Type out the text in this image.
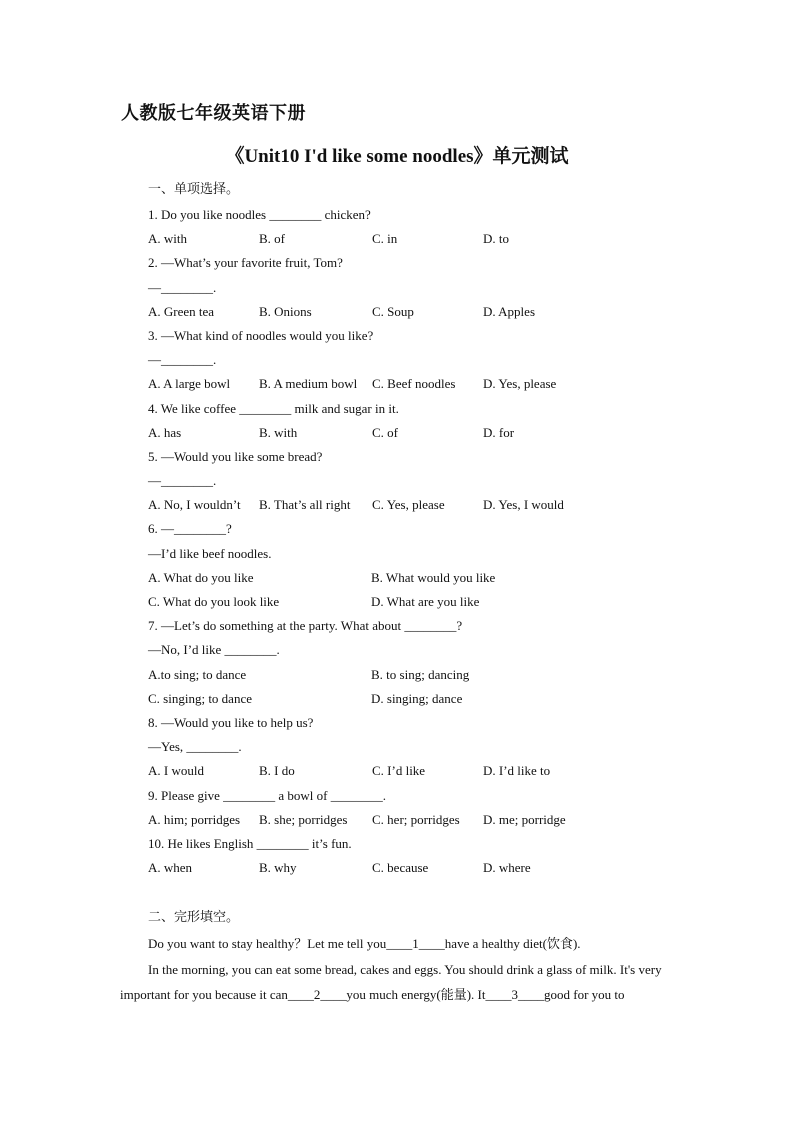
人教版七年级英语下册
《Unit10 I'd like some noodles》单元测试
一、单项选择。
1. Do you like noodles ________ chicken?
A. with	B. of	C. in	D. to
2. —What’s your favorite fruit, Tom?
—________.
A. Green tea	B. Onions	C. Soup	D. Apples
3. —What kind of noodles would you like?
—________.
A. A large bowl B. A medium bowl C. Beef noodles D. Yes, please
4. We like coffee ________ milk and sugar in it.
A. has	B. with	C. of	D. for
5. —Would you like some bread?
—________.
A. No, I wouldn’t B. That’s all right C. Yes, please	D. Yes, I would
6. —________?
—I’d like beef noodles.
A. What do you like	B. What would you like
C. What do you look like	D. What are you like
7. —Let’s do something at the party. What about ________?
—No, I’d like ________.
A.to sing; to dance	B. to sing; dancing
C. singing; to dance	D. singing; dance
8. —Would you like to help us?
—Yes, ________.
A. I would	B. I do	C. I’d like	D. I’d like to
9. Please give ________ a bowl of ________.
A. him; porridges B. she; porridges C. her; porridges D. me; porridge
10. He likes English ________ it’s fun.
A. when	B. why	C. because	D. where
二、完形填空。

Do you want to stay healthy？Let me tell you____1____have a healthy diet(饮食).

In the morning, you can eat some bread, cakes and eggs. You should drink a glass of milk. It's very important for you because it can____2____you much energy(能量). It____3____good for you to
